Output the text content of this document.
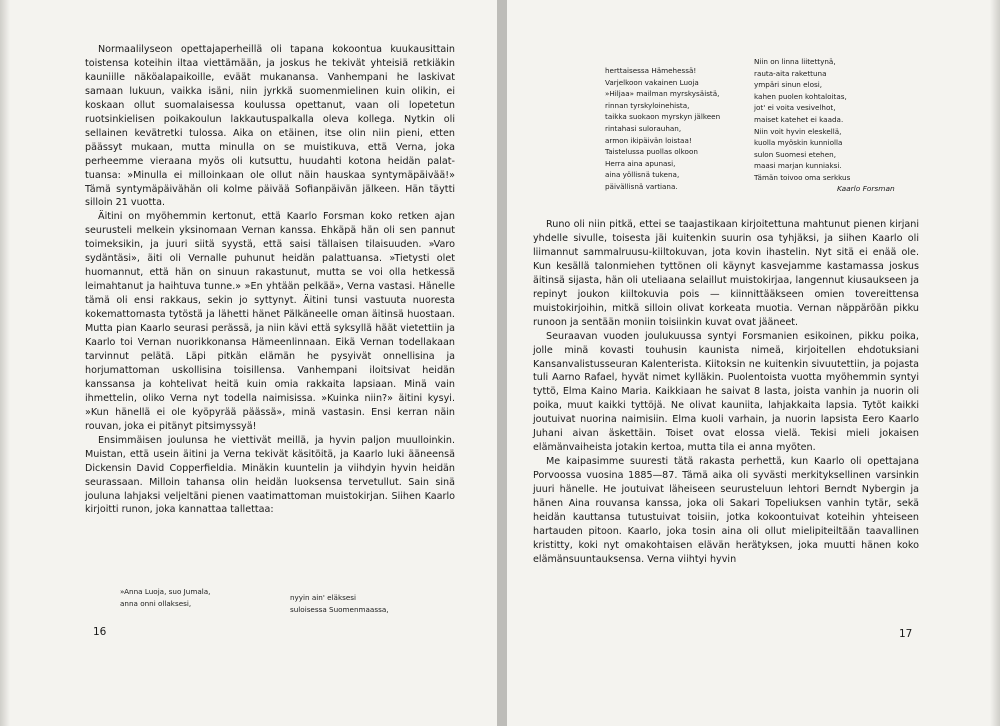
Normaalilyseon opettajaperheillä oli tapana kokoontua kuukausittain toistensa koteihin iltaa viettämään, ja joskus he tekivät yhteisiä retkiäkin kauniille näköalapaikoille, eväät mukanansa. Vanhempani he laskivat samaan lukuun, vaikka isäni, niin jyrkkä suomenmielinen kuin olikin, ei koskaan ollut suomalaisessa koulussa opettanut, vaan oli lopetetun ruotsinkielisen poikakoulun lakkautuspalkalla oleva kollega. Nytkin oli sellainen kevätretki tulossa. Aika on etäinen, itse olin niin pieni, etten päässyt mukaan, mutta minulla on se muistikuva, että Verna, joka perheemme vieraana myös oli kutsuttu, huudahti kotona heidän palattuansa: »Minulla ei milloinkaan ole ollut näin hauskaa syntymäpäivää!» Tämä syntymäpäivähän oli kolme päivää Sofianpäivän jälkeen. Hän täytti silloin 21 vuotta.

Äitini on myöhemmin kertonut, että Kaarlo Forsman koko retken ajan seurusteli melkein yksinomaan Vernan kanssa. Ehkäpä hän oli sen pannut toimeksikin, ja juuri siitä syystä, että saisi tällaisen tilaisuuden. »Varo sydäntäsi», äiti oli Vernalle puhunut heidän palattuansa. »Tietysti olet huomannut, että hän on sinuun rakastunut, mutta se voi olla hetkessä leimahtanut ja haihtuva tunne.» »En yhtään pelkää», Verna vastasi. Hänelle tämä oli ensi rakkaus, sekin jo syttynyt. Äitini tunsi vastuuta nuoresta kokemattomasta tytöstä ja lähetti hänet Pälkäneelle oman äitinsä huostaan. Mutta pian Kaarlo seurasi perässä, ja niin kävi että syksyllä häät vietettiin ja Kaarlo toi Vernan nuorikkonansa Hämeenlinnaan. Eikä Vernan todellakaan tarvinnut pelätä. Läpi pitkän elämän he pysyivät onnellisina ja horjumattoman uskollisina toisillensa. Vanhempani iloitsivat heidän kanssansa ja kohtelivat heitä kuin omia rakkaita lapsiaan. Minä vain ihmettelin, oliko Verna nyt todella naimisissa. »Kuinka niin?» äitini kysyi. »Kun hänellä ei ole kyöpyrää päässä», minä vastasin. Ensi kerran näin rouvan, joka ei pitänyt pitsimyssyä!

Ensimmäisen joulunsa he viettivät meillä, ja hyvin paljon muulloinkin. Muistan, että usein äitini ja Verna tekivät käsitöitä, ja Kaarlo luki ääneensä Dickensin David Copperfieldia. Minäkin kuuntelin ja viihdyin hyvin heidän seurassaan. Milloin tahansa olin heidän luoksensa tervetullut. Sain sinä jouluna lahjaksi veljeltäni pienen vaatimattoman muistokirjan. Siihen Kaarlo kirjoitti runon, joka kannattaa tallettaa:

»Anna Luoja, suo Jumala,
anna onni ollaksesi,
nyyin ain' eläksesi
suloisessa Suomenmaassa,
16
herttaisessa Hämehessä!
Varjelkoon vakainen Luoja
»Hiljaa» mailman myrskysäistä,
rinnan tyrskyloinehista,
taikka suokaon myrskyn jälkeen
rintahasi sulorauhan,
armon ikipäivän loistaa!
Taistelussa puollas olkoon
Herra aina apunasi,
aina yöllisnä tukena,
päivällisnä vartiana.
Niin on linna liitettynä,
rauta-aita rakettuna
ympäri sinun elosi,
kahen puolen kohtaloitas,
jot' ei voita vesivelhot,
maiset katehet ei kaada.
Niin voit hyvin eleskellä,
kuolla myöskin kunniolla
sulon Suomesi etehen,
maasi marjan kunniaksi.
Tämän toivoo oma serkkus
Kaarlo Forsman

Runo oli niin pitkä, ettei se taajastikaan kirjoitettuna mahtunut pienen kirjani yhdelle sivulle, toisesta jäi kuitenkin suurin osa tyhjäksi, ja siihen Kaarlo oli liimannut sammalruusu-kiiltokuvan, jota kovin ihastelin. Nyt sitä ei enää ole. Kun kesällä talonmiehen tyttönen oli käynyt kasvejamme kastamassa joskus äitinsä sijasta, hän oli uteliaana selaillut muistokirjaa, langennut kiusaukseen ja repinyt joukon kiiltokuvia pois — kiinnittääkseen omien tovereittensa muistokirjoihin, mitkä silloin olivat korkeata muotia. Vernan näppäröän pikku runoon ja sentään moniin toisiinkin kuvat ovat jääneet.

Seuraavan vuoden joulukuussa syntyi Forsmanien esikoinen, pikku poika, jolle minä kovasti touhusin kaunista nimeä, kirjoitellen ehdotuksiani Kansanvalistusseuran Kalenterista. Kiitoksin ne kuitenkin sivuutettiin, ja pojasta tuli Aarno Rafael, hyvät nimet kylläkin. Puolentoista vuotta myöhemmin syntyi tyttö, Elma Kaino Maria. Kaikkiaan he saivat 8 lasta, joista vanhin ja nuorin oli poika, muut kaikki tyttöjä. Ne olivat kauniita, lahjakkaita lapsia. Tytöt kaikki joutuivat nuorina naimisiin. Elma kuoli varhain, ja nuorin lapsista Eero Kaarlo Juhani aivan äskettäin. Toiset ovat elossa vielä. Tekisi mieli jokaisen elämänvaiheista jotakin kertoa, mutta tila ei anna myöten.

Me kaipasimme suuresti tätä rakasta perhettä, kun Kaarlo oli opettajana Porvoossa vuosina 1885—87. Tämä aika oli syvästi merkityksellinen varsinkin juuri hänelle. He joutuivat läheiseen seurusteluun lehtori Berndt Nybergin ja hänen Aina rouvansa kanssa, joka oli Sakari Topeliuksen vanhin tytär, sekä heidän kauttansa tutustuivat toisiin, jotka kokoontuivat koteihin yhteiseen hartauden pitoon. Kaarlo, joka tosin aina oli ollut mielipiteiltään taavallinen kristitty, koki nyt omakohtaisen elävän herätyksen, joka muutti hänen koko elämänsuuntauksensa. Verna viihtyi hyvin

17
